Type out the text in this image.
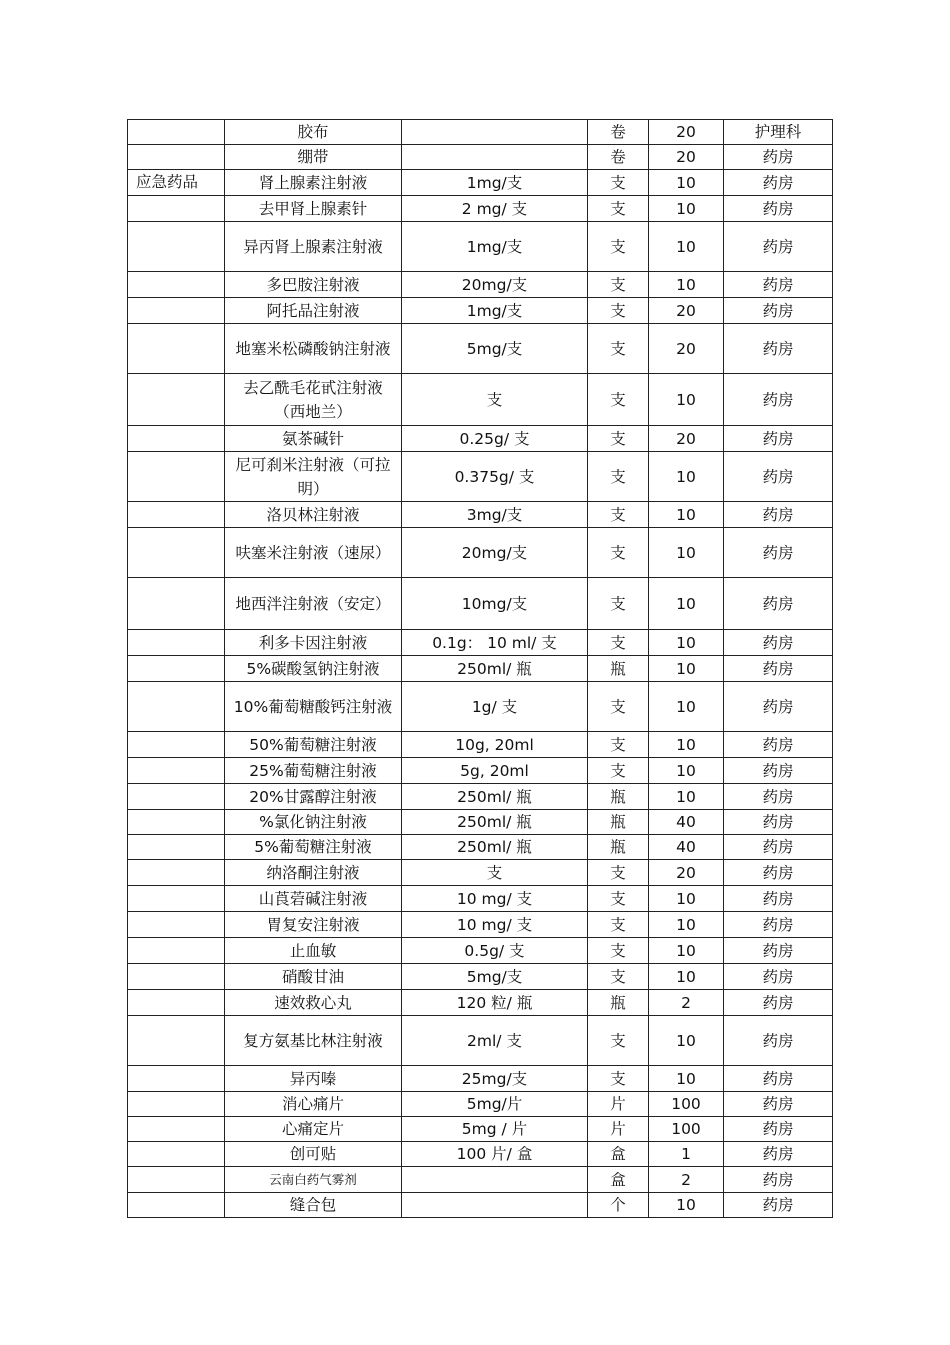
	胶布		卷	20	护理科
	绷带		卷	20	药房
应急药品	肾上腺素注射液	1mg/支	支	10	药房
	去甲肾上腺素针	2 mg/ 支	支	10	药房
	异丙肾上腺素注射液	1mg/支	支	10	药房
	多巴胺注射液	20mg/支	支	10	药房
	阿托品注射液	1mg/支	支	20	药房
	地塞米松磷酸钠注射液	5mg/支	支	20	药房
	去乙酰毛花甙注射液（西地兰）	支	支	10	药房
	氨茶碱针	0.25g/ 支	支	20	药房
	尼可刹米注射液（可拉明）	0.375g/ 支	支	10	药房
	洛贝林注射液	3mg/支	支	10	药房
	呋塞米注射液（速尿）	20mg/支	支	10	药房
	地西泮注射液（安定）	10mg/支	支	10	药房
	利多卡因注射液	0.1g： 10 ml/ 支	支	10	药房
	5%碳酸氢钠注射液	250ml/ 瓶	瓶	10	药房
	10%葡萄糖酸钙注射液	1g/ 支	支	10	药房
	50%葡萄糖注射液	10g, 20ml	支	10	药房
	25%葡萄糖注射液	5g, 20ml	支	10	药房
	20%甘露醇注射液	250ml/ 瓶	瓶	10	药房
	%氯化钠注射液	250ml/ 瓶	瓶	40	药房
	5%葡萄糖注射液	250ml/ 瓶	瓶	40	药房
	纳洛酮注射液	支	支	20	药房
	山莨菪碱注射液	10 mg/ 支	支	10	药房
	胃复安注射液	10 mg/ 支	支	10	药房
	止血敏	0.5g/ 支	支	10	药房
	硝酸甘油	5mg/支	支	10	药房
	速效救心丸	120 粒/ 瓶	瓶	2	药房
	复方氨基比林注射液	2ml/ 支	支	10	药房
	异丙嗪	25mg/支	支	10	药房
	消心痛片	5mg/片	片	100	药房
	心痛定片	5mg / 片	片	100	药房
	创可贴	100 片/ 盒	盒	1	药房
	云南白药气雾剂		盒	2	药房
	缝合包		个	10	药房
